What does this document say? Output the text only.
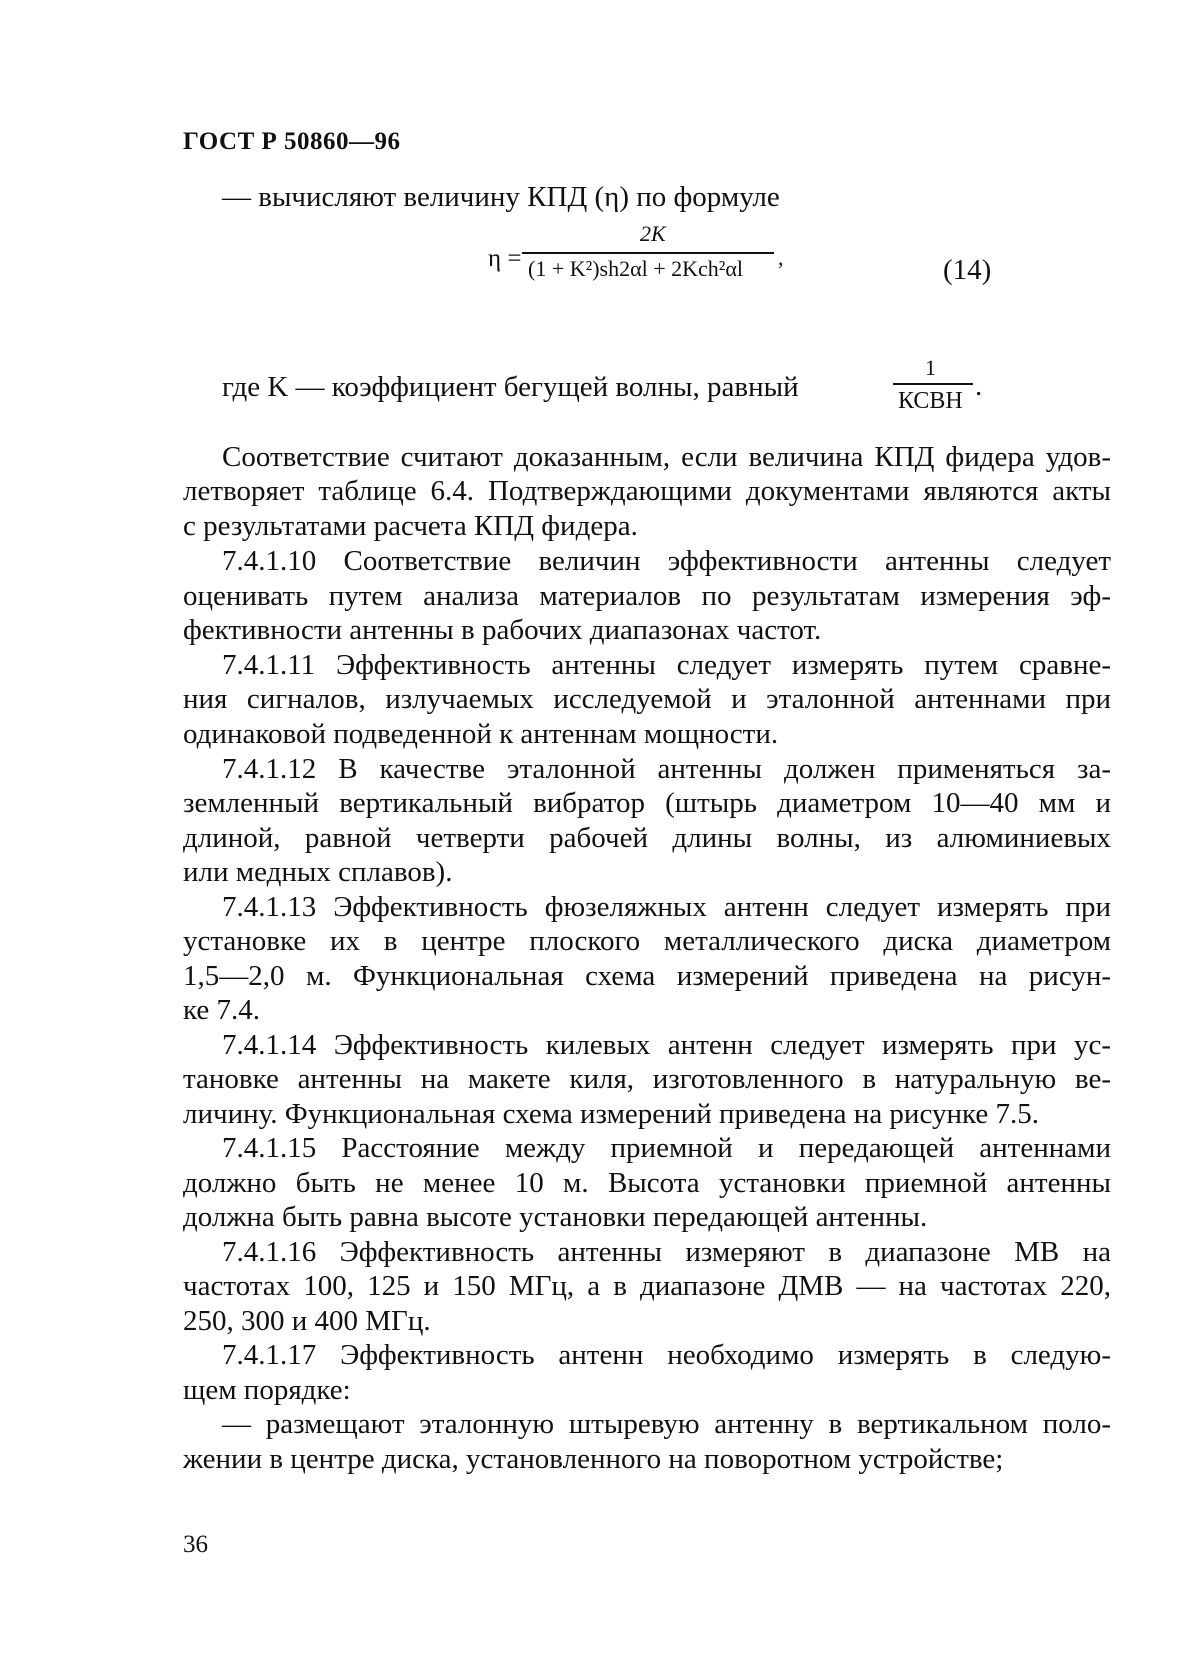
ГОСТ Р 50860—96
— вычисляют величину КПД (η) по формуле
η =
2K
(1 + K²)sh2αl + 2Kch²αl ,	(14)
где K — коэффициент бегущей волны, равный
1
КСВН .
Соответствие считают доказанным, если величина КПД фидера удов-
летворяет таблице 6.4. Подтверждающими документами являются акты
с результатами расчета КПД фидера.
7.4.1.10 Соответствие величин эффективности антенны следует
оценивать путем анализа материалов по результатам измерения эф-
фективности антенны в рабочих диапазонах частот.
7.4.1.11 Эффективность антенны следует измерять путем сравне-
ния сигналов, излучаемых исследуемой и эталонной антеннами при
одинаковой подведенной к антеннам мощности.
7.4.1.12 В качестве эталонной антенны должен применяться за-
земленный вертикальный вибратор (штырь диаметром 10—40 мм и
длиной, равной четверти рабочей длины волны, из алюминиевых
или медных сплавов).
7.4.1.13 Эффективность фюзеляжных антенн следует измерять при
установке их в центре плоского металлического диска диаметром
1,5—2,0 м. Функциональная схема измерений приведена на рисун-
ке 7.4.
7.4.1.14 Эффективность килевых антенн следует измерять при ус-
тановке антенны на макете киля, изготовленного в натуральную ве-
личину. Функциональная схема измерений приведена на рисунке 7.5.
7.4.1.15 Расстояние между приемной и передающей антеннами
должно быть не менее 10 м. Высота установки приемной антенны
должна быть равна высоте установки передающей антенны.
7.4.1.16 Эффективность антенны измеряют в диапазоне МВ на
частотах 100, 125 и 150 МГц, а в диапазоне ДМВ — на частотах 220,
250, 300 и 400 МГц.
7.4.1.17 Эффективность антенн необходимо измерять в следую-
щем порядке:
— размещают эталонную штыревую антенну в вертикальном поло-
жении в центре диска, установленного на поворотном устройстве;
36
